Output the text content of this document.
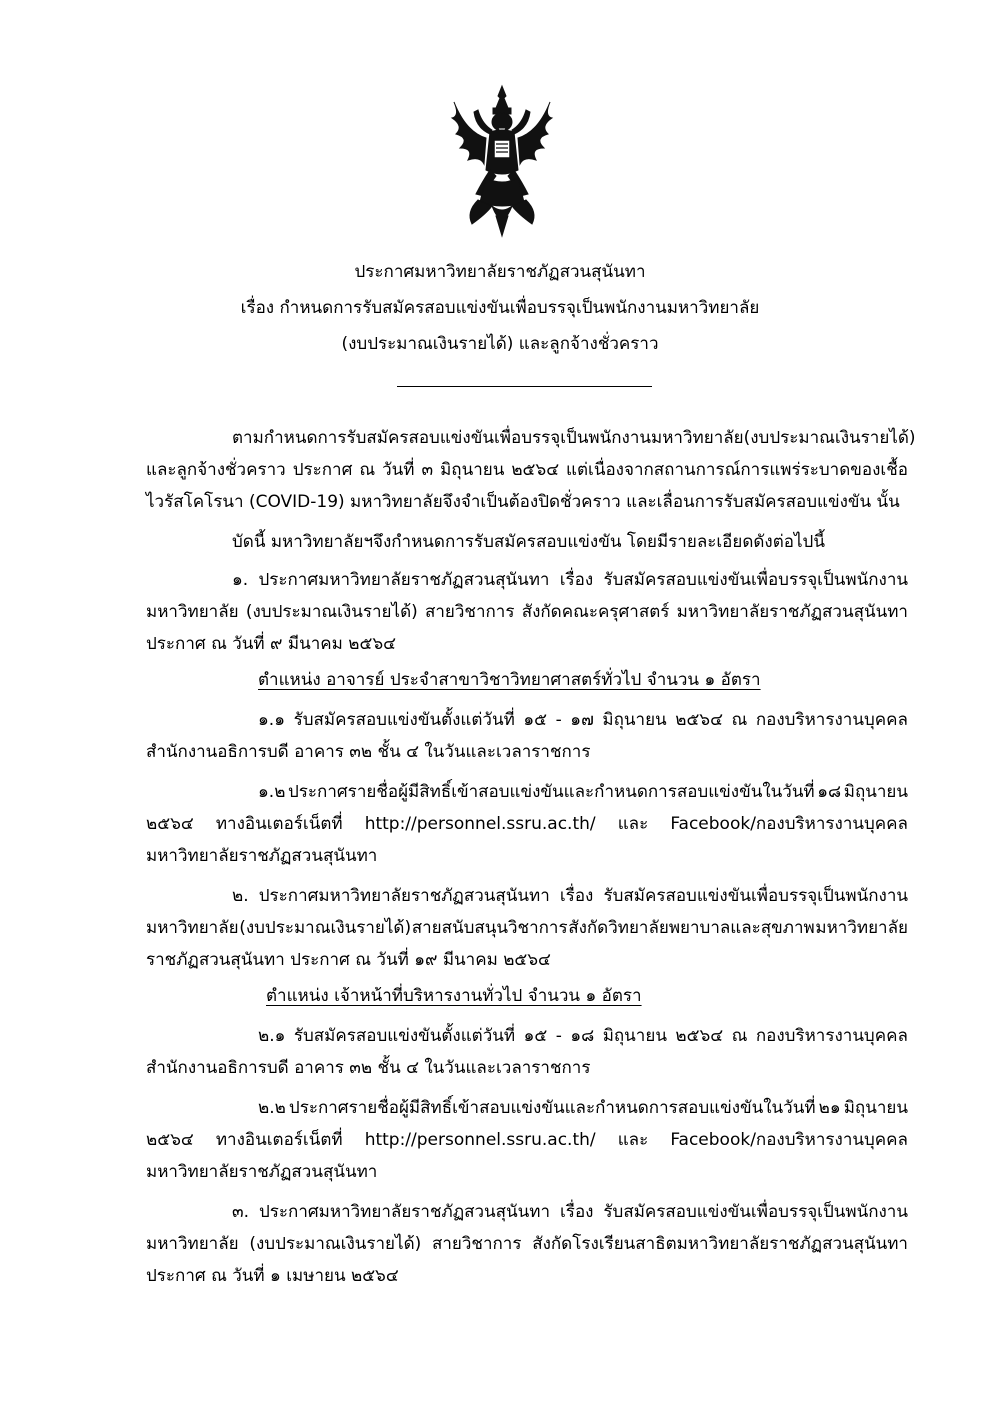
ประกาศมหาวิทยาลัยราชภัฏสวนสุนันทา
เรื่อง กำหนดการรับสมัครสอบแข่งขันเพื่อบรรจุเป็นพนักงานมหาวิทยาลัย
(งบประมาณเงินรายได้) และลูกจ้างชั่วคราว
ตามกำหนดการรับสมัครสอบแข่งขันเพื่อบรรจุเป็นพนักงานมหาวิทยาลัย (งบประมาณเงินรายได้)
และลูกจ้างชั่วคราว ประกาศ ณ วันที่ ๓ มิถุนายน ๒๕๖๔ แต่เนื่องจากสถานการณ์การแพร่ระบาดของเชื้อ
ไวรัสโคโรนา (COVID-19) มหาวิทยาลัยจึงจำเป็นต้องปิดชั่วคราว และเลื่อนการรับสมัครสอบแข่งขัน นั้น
บัดนี้ มหาวิทยาลัยฯจึงกำหนดการรับสมัครสอบแข่งขัน โดยมีรายละเอียดดังต่อไปนี้
๑. ประกาศมหาวิทยาลัยราชภัฏสวนสุนันทา เรื่อง รับสมัครสอบแข่งขันเพื่อบรรจุเป็นพนักงาน
มหาวิทยาลัย (งบประมาณเงินรายได้) สายวิชาการ สังกัดคณะครุศาสตร์ มหาวิทยาลัยราชภัฏสวนสุนันทา
ประกาศ ณ วันที่ ๙ มีนาคม ๒๕๖๔
ตำแหน่ง อาจารย์ ประจำสาขาวิชาวิทยาศาสตร์ทั่วไป จำนวน ๑ อัตรา
๑.๑ รับสมัครสอบแข่งขันตั้งแต่วันที่ ๑๕ - ๑๗ มิถุนายน ๒๕๖๔ ณ กองบริหารงานบุคคล
สำนักงานอธิการบดี อาคาร ๓๒ ชั้น ๔ ในวันและเวลาราชการ
๑.๒ ประกาศรายชื่อผู้มีสิทธิ์เข้าสอบแข่งขันและกำหนดการสอบแข่งขันในวันที่ ๑๘ มิถุนายน
๒๕๖๔ ทางอินเตอร์เน็ตที่ http://personnel.ssru.ac.th/ และ Facebook/กองบริหารงานบุคคล
มหาวิทยาลัยราชภัฏสวนสุนันทา
๒. ประกาศมหาวิทยาลัยราชภัฏสวนสุนันทา เรื่อง รับสมัครสอบแข่งขันเพื่อบรรจุเป็นพนักงาน
มหาวิทยาลัย (งบประมาณเงินรายได้) สายสนับสนุนวิชาการ สังกัดวิทยาลัยพยาบาลและสุขภาพ มหาวิทยาลัย
ราชภัฏสวนสุนันทา ประกาศ ณ วันที่ ๑๙ มีนาคม ๒๕๖๔
ตำแหน่ง เจ้าหน้าที่บริหารงานทั่วไป จำนวน ๑ อัตรา
๒.๑ รับสมัครสอบแข่งขันตั้งแต่วันที่ ๑๕ - ๑๘ มิถุนายน ๒๕๖๔ ณ กองบริหารงานบุคคล
สำนักงานอธิการบดี อาคาร ๓๒ ชั้น ๔ ในวันและเวลาราชการ
๒.๒ ประกาศรายชื่อผู้มีสิทธิ์เข้าสอบแข่งขันและกำหนดการสอบแข่งขันในวันที่ ๒๑ มิถุนายน
๒๕๖๔ ทางอินเตอร์เน็ตที่ http://personnel.ssru.ac.th/ และ Facebook/กองบริหารงานบุคคล
มหาวิทยาลัยราชภัฏสวนสุนันทา
๓. ประกาศมหาวิทยาลัยราชภัฏสวนสุนันทา เรื่อง รับสมัครสอบแข่งขันเพื่อบรรจุเป็นพนักงาน
มหาวิทยาลัย (งบประมาณเงินรายได้) สายวิชาการ สังกัดโรงเรียนสาธิตมหาวิทยาลัยราชภัฏสวนสุนันทา
ประกาศ ณ วันที่ ๑ เมษายน ๒๕๖๔
